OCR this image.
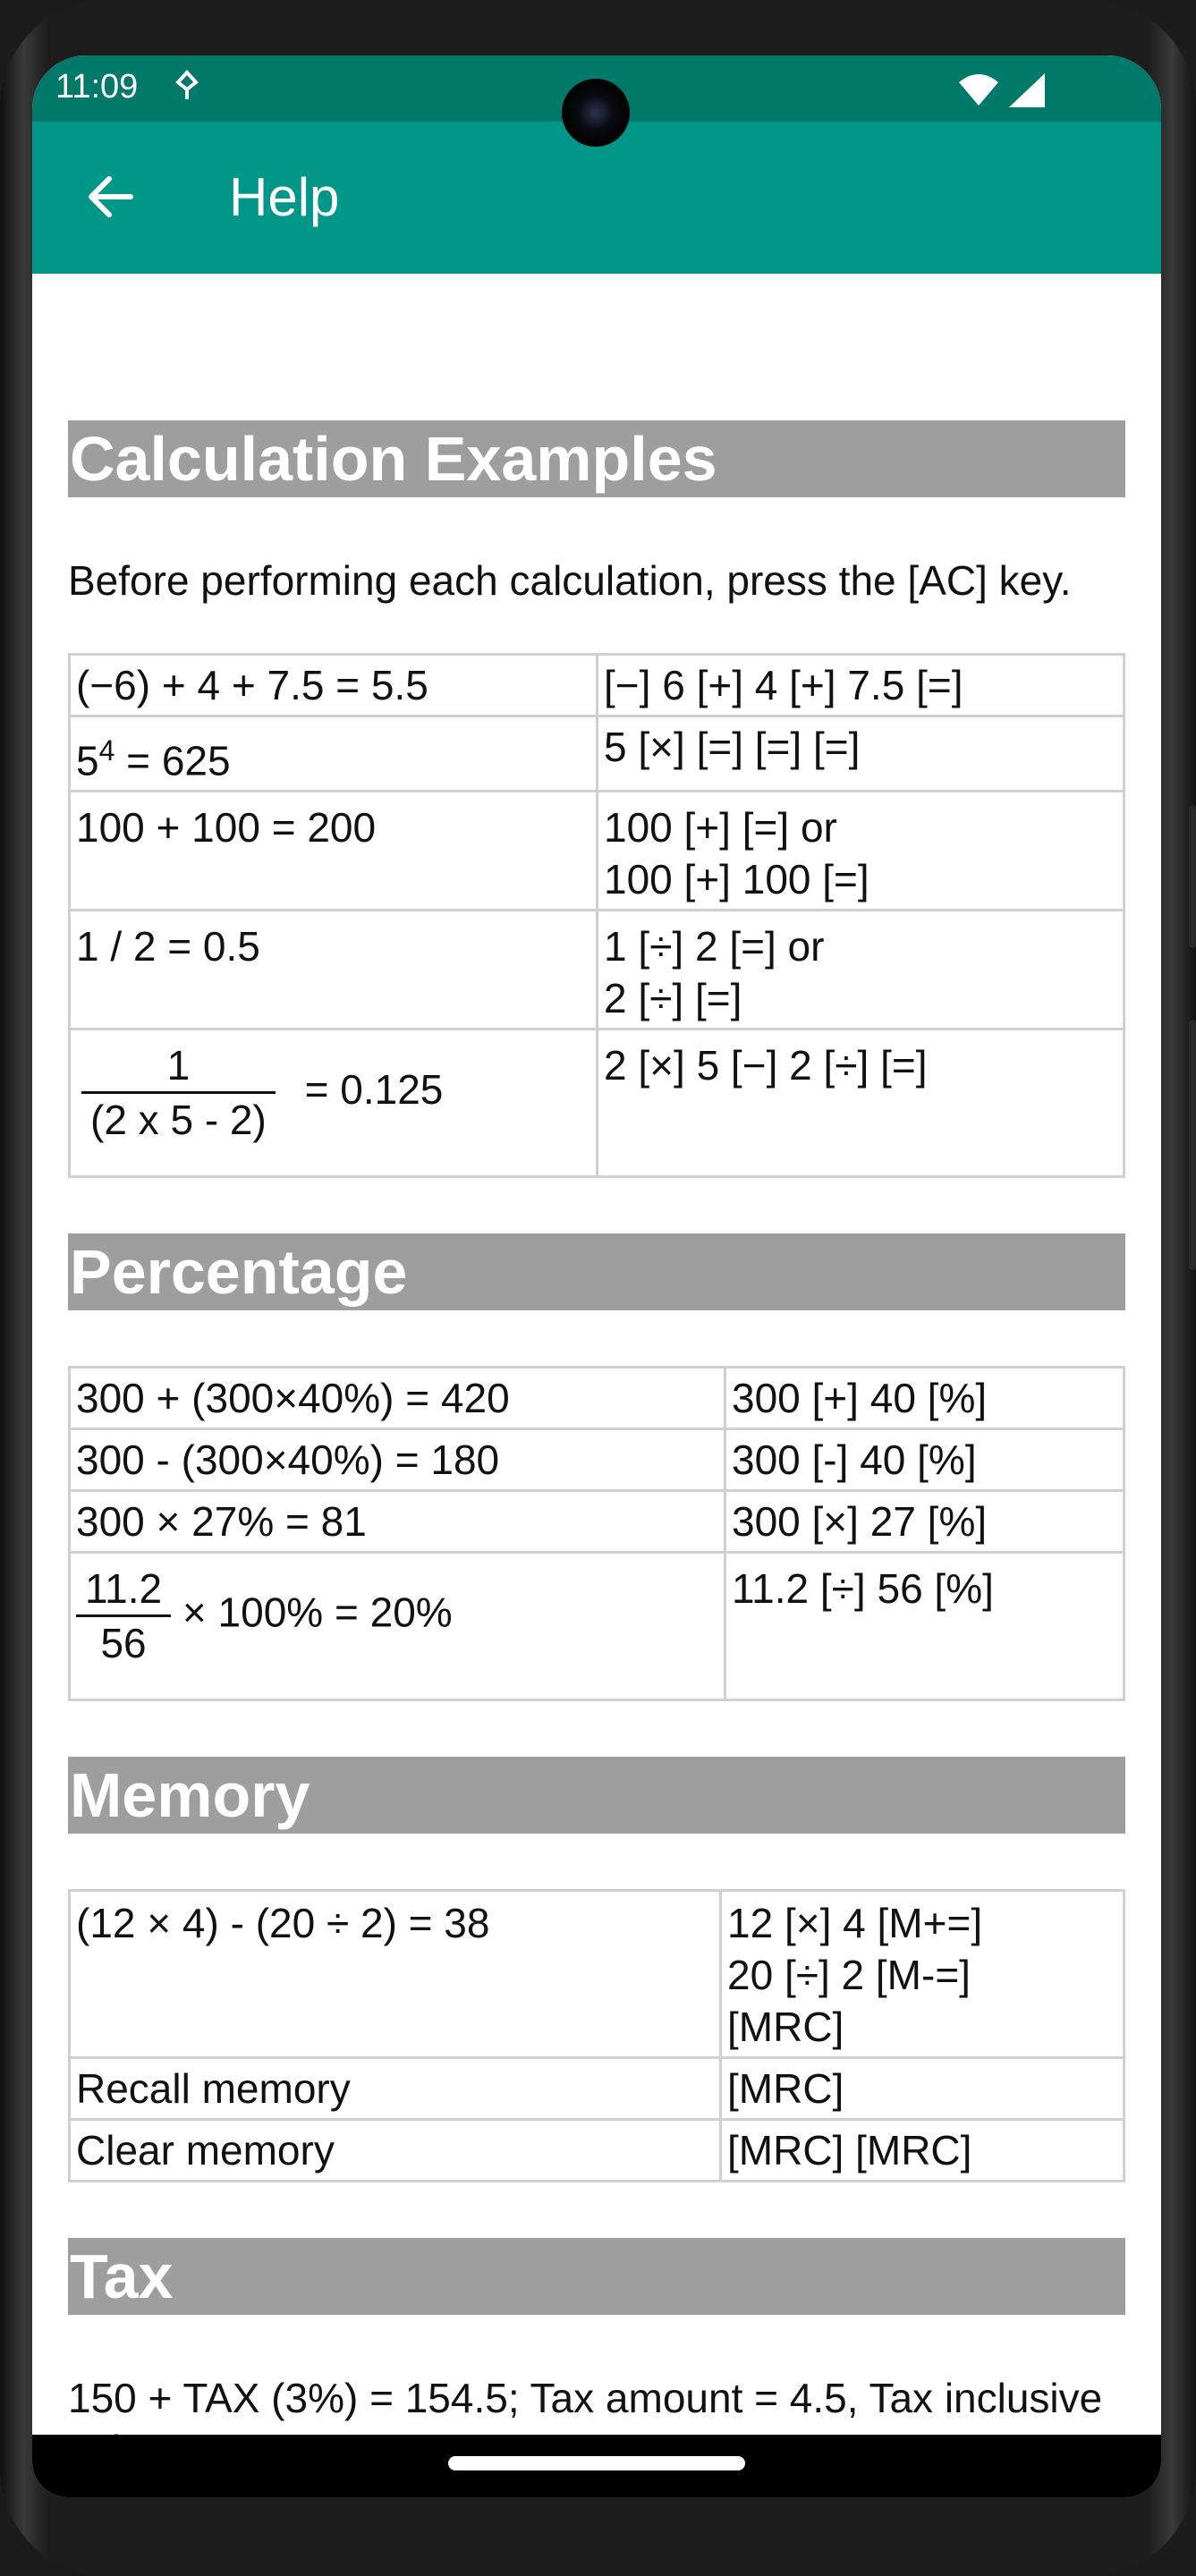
11:09
Help
Calculation Examples

Before performing each calculation, press the [AC] key.

(−6) + 4 + 7.5 = 5.5	[−] 6 [+] 4 [+] 7.5 [=]
$5^4 = 625$	5 [×] [=] [=] [=]
100 + 100 = 200	100 [+] [=] or
100 [+] 100 [=]

1 / 2 = 0.5	1 [÷] 2 [=] or
2 [÷] [=]

$\frac{1}{(2 x 5 - 2)} = 0.125$	2 [×] 5 [−] 2 [÷] [=]
Percentage
300 + (300×40%) = 420	300 [+] 40 [%]
300 - (300×40%) = 180	300 [-] 40 [%]
300 × 27% = 81	300 [×] 27 [%]

$\frac{11.2}{56} \times 100\% = 20\%$	11.2 [÷] 56 [%]
Memory
(12 × 4) - (20 ÷ 2) = 38	12 [×] 4 [M+=]
20 [÷] 2 [M-=]
[MRC]

Recall memory	[MRC]
Clear memory	[MRC] [MRC]
Tax

150 + TAX (3%) = 154.5; Tax amount = 4.5, Tax inclusive
